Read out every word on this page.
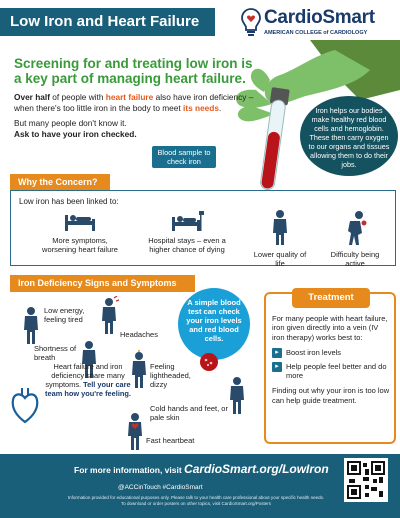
Low Iron and Heart Failure	CardioSmart
AMERICAN COLLEGE of CARDIOLOGY
Screening for and treating low iron is a key part of managing heart failure.
Over half of people with heart failure also have iron deficiency – when there's too little iron in the body to meet its needs.
But many people don't know it.
Ask to have your iron checked.
Iron helps our bodies make healthy red blood cells and hemoglobin. These then carry oxygen to our organs and tissues allowing them to do their jobs.
Blood sample to check iron
Why the Concern?
Low iron has been linked to:
More symptoms, worsening heart failure
Hospital stays – even a higher chance of dying
Lower quality of life
Difficulty being active
Iron Deficiency Signs and Symptoms
Low energy, feeling tired
Headaches
Shortness of breath
Feeling lightheaded, dizzy
Cold hands and feet, or pale skin
Fast heartbeat
A simple blood test can check your iron levels and red blood cells.
Heart failure and iron deficiency share many symptoms. Tell your care team how you're feeling.
Treatment
For many people with heart failure, iron given directly into a vein (IV iron therapy) works best to:
▸ Boost iron levels
▸ Help people feel better and do more
Finding out why your iron is too low can help guide treatment.
For more information, visit CardioSmart.org/LowIron
@ACCinTouch #CardioSmart
Information provided for educational purposes only. Please talk to your health care professional about your specific health needs.
To download or order posters on other topics, visit CardioSmart.org/Posters
